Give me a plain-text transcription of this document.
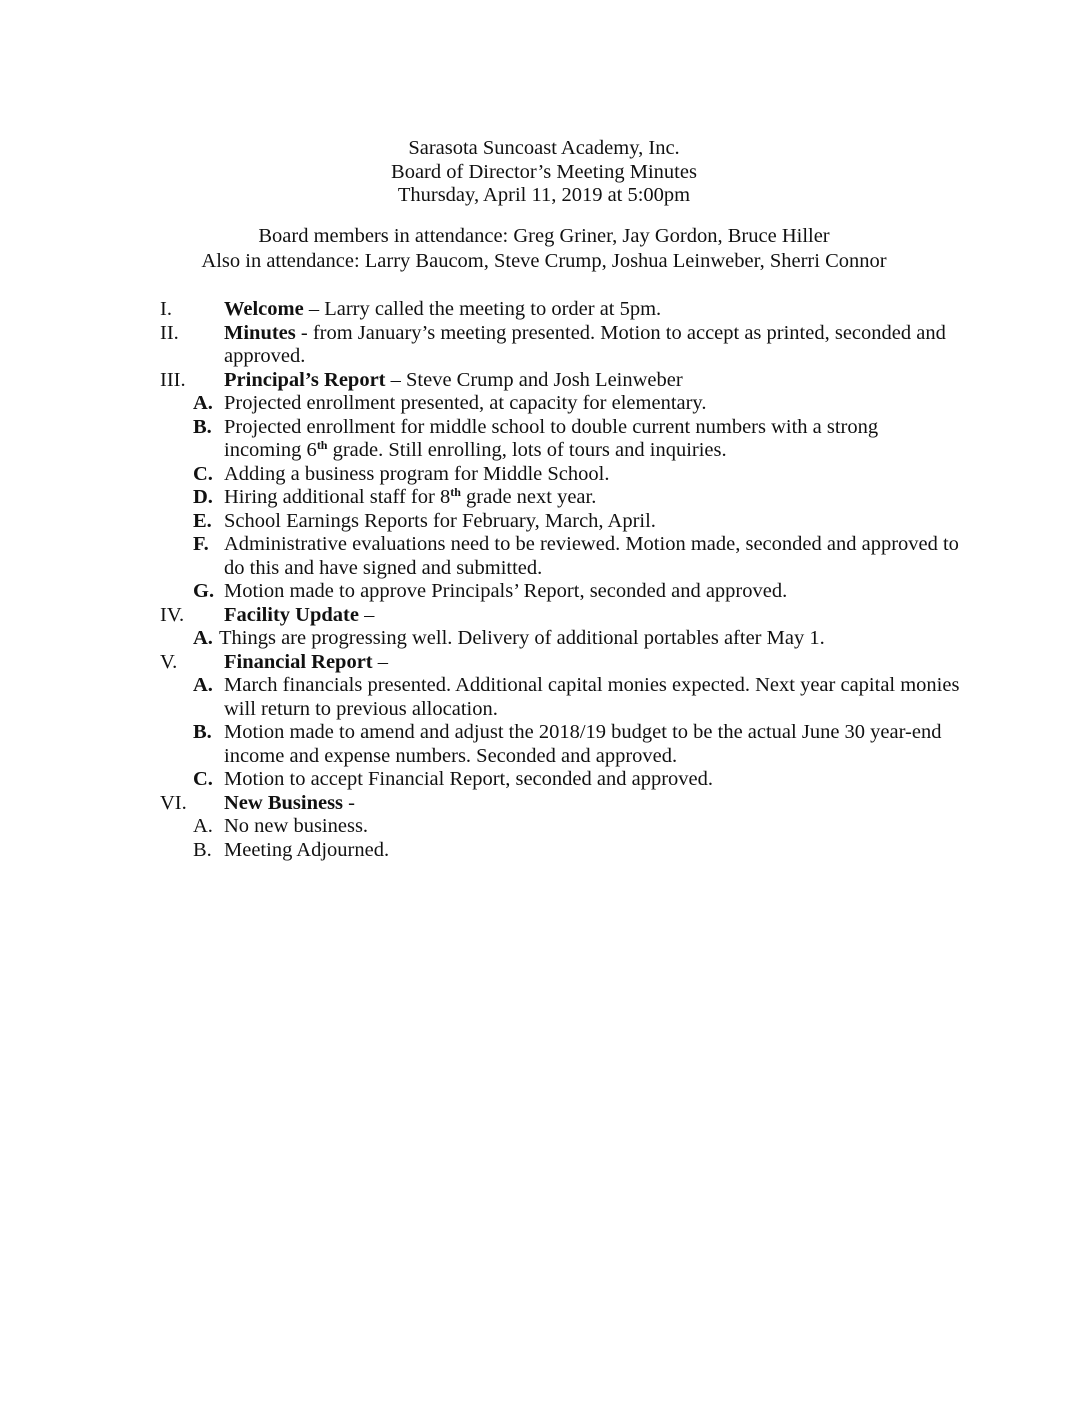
Sarasota Suncoast Academy, Inc.
Board of Director’s Meeting Minutes
Thursday, April 11, 2019 at 5:00pm
Board members in attendance: Greg Griner, Jay Gordon, Bruce Hiller
Also in attendance: Larry Baucom, Steve Crump, Joshua Leinweber, Sherri Connor
I.	Welcome – Larry called the meeting to order at 5pm.
II.	Minutes - from January’s meeting presented. Motion to accept as printed, seconded and approved.
III.	Principal’s Report – Steve Crump and Josh Leinweber
A. Projected enrollment presented, at capacity for elementary.
B. Projected enrollment for middle school to double current numbers with a strong incoming 6th grade. Still enrolling, lots of tours and inquiries.
C. Adding a business program for Middle School.
D. Hiring additional staff for 8th grade next year.
E. School Earnings Reports for February, March, April.
F. Administrative evaluations need to be reviewed. Motion made, seconded and approved to do this and have signed and submitted.
G. Motion made to approve Principals’ Report, seconded and approved.
IV.	Facility Update –
A. Things are progressing well. Delivery of additional portables after May 1.
V.	Financial Report –
A. March financials presented. Additional capital monies expected. Next year capital monies will return to previous allocation.
B. Motion made to amend and adjust the 2018/19 budget to be the actual June 30 year-end income and expense numbers. Seconded and approved.
C. Motion to accept Financial Report, seconded and approved.
VI.	New Business -
A. No new business.
B. Meeting Adjourned.
